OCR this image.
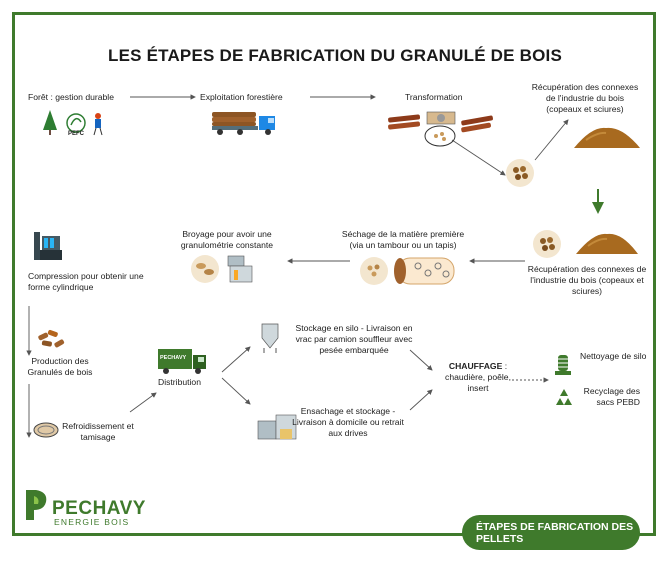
LES ÉTAPES DE FABRICATION DU GRANULÉ DE BOIS
Forêt : gestion durable
PEFC
Exploitation forestière	Transformation
Récupération des connexes de l'industrie du bois (copeaux et sciures)
Compression pour obtenir une forme cylindrique
Broyage pour avoir une granulométrie constante
Séchage de la matière première (via un tambour ou un tapis)
Récupération des connexes de l'industrie du bois (copeaux et sciures)
Production des Granulés de bois
Refroidissement et tamisage
PECHAVY
Distribution
Stockage en silo - Livraison en vrac par camion souffleur avec pesée embarquée
Ensachage et stockage - Livraison à domicile ou retrait aux drives
CHAUFFAGE :
chaudière, poêle, insert
Nettoyage de silo
Recyclage des sacs PEBD
PECHAVY
ENERGIE BOIS	ÉTAPES DE FABRICATION DES PELLETS
